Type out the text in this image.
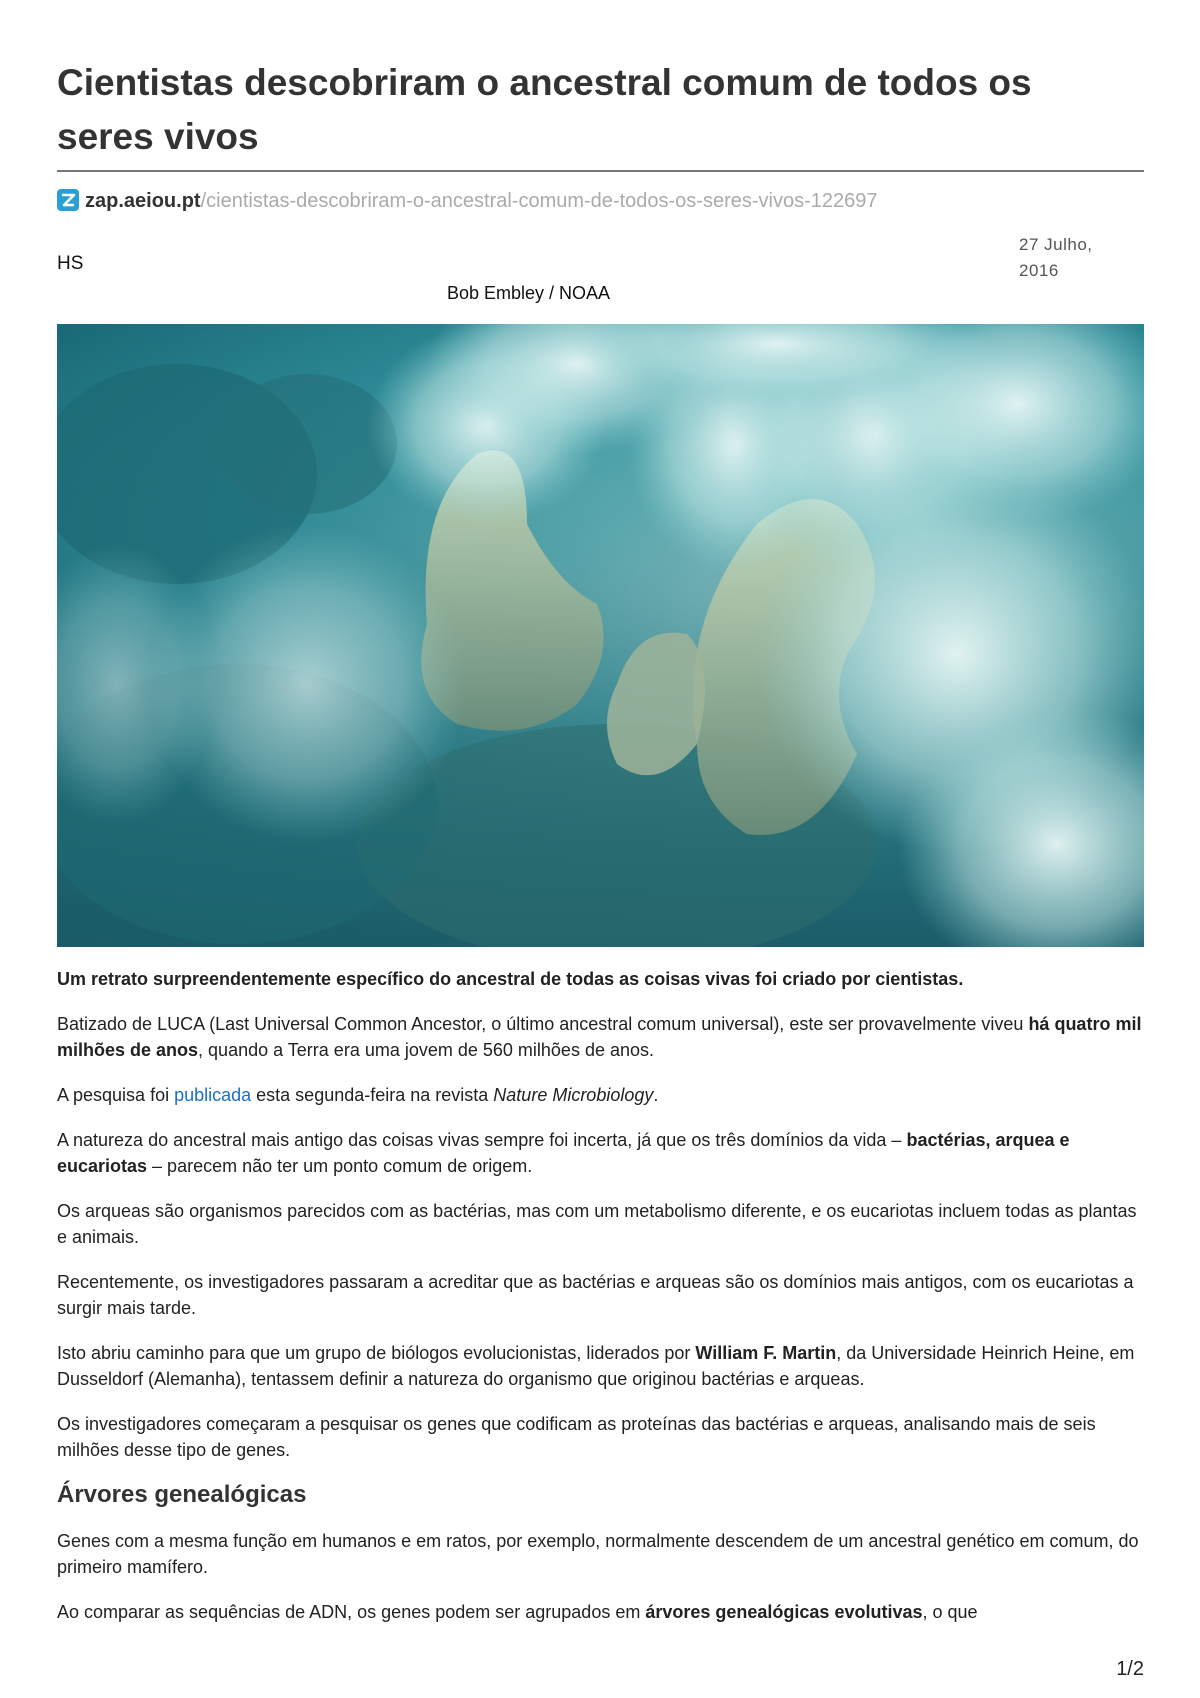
Cientistas descobriram o ancestral comum de todos os seres vivos
zap.aeiou.pt/cientistas-descobriram-o-ancestral-comum-de-todos-os-seres-vivos-122697
HS
27 Julho, 2016
Bob Embley / NOAA

Um retrato surpreendentemente específico do ancestral de todas as coisas vivas foi criado por cientistas.

Batizado de LUCA (Last Universal Common Ancestor, o último ancestral comum universal), este ser provavelmente viveu há quatro mil milhões de anos, quando a Terra era uma jovem de 560 milhões de anos.

A pesquisa foi publicada esta segunda-feira na revista Nature Microbiology.

A natureza do ancestral mais antigo das coisas vivas sempre foi incerta, já que os três domínios da vida – bactérias, arquea e eucariotas – parecem não ter um ponto comum de origem.

Os arqueas são organismos parecidos com as bactérias, mas com um metabolismo diferente, e os eucariotas incluem todas as plantas e animais.

Recentemente, os investigadores passaram a acreditar que as bactérias e arqueas são os domínios mais antigos, com os eucariotas a surgir mais tarde.

Isto abriu caminho para que um grupo de biólogos evolucionistas, liderados por William F. Martin, da Universidade Heinrich Heine, em Dusseldorf (Alemanha), tentassem definir a natureza do organismo que originou bactérias e arqueas.

Os investigadores começaram a pesquisar os genes que codificam as proteínas das bactérias e arqueas, analisando mais de seis milhões desse tipo de genes.

Árvores genealógicas

Genes com a mesma função em humanos e em ratos, por exemplo, normalmente descendem de um ancestral genético em comum, do primeiro mamífero.

Ao comparar as sequências de ADN, os genes podem ser agrupados em árvores genealógicas evolutivas, o que

1/2
